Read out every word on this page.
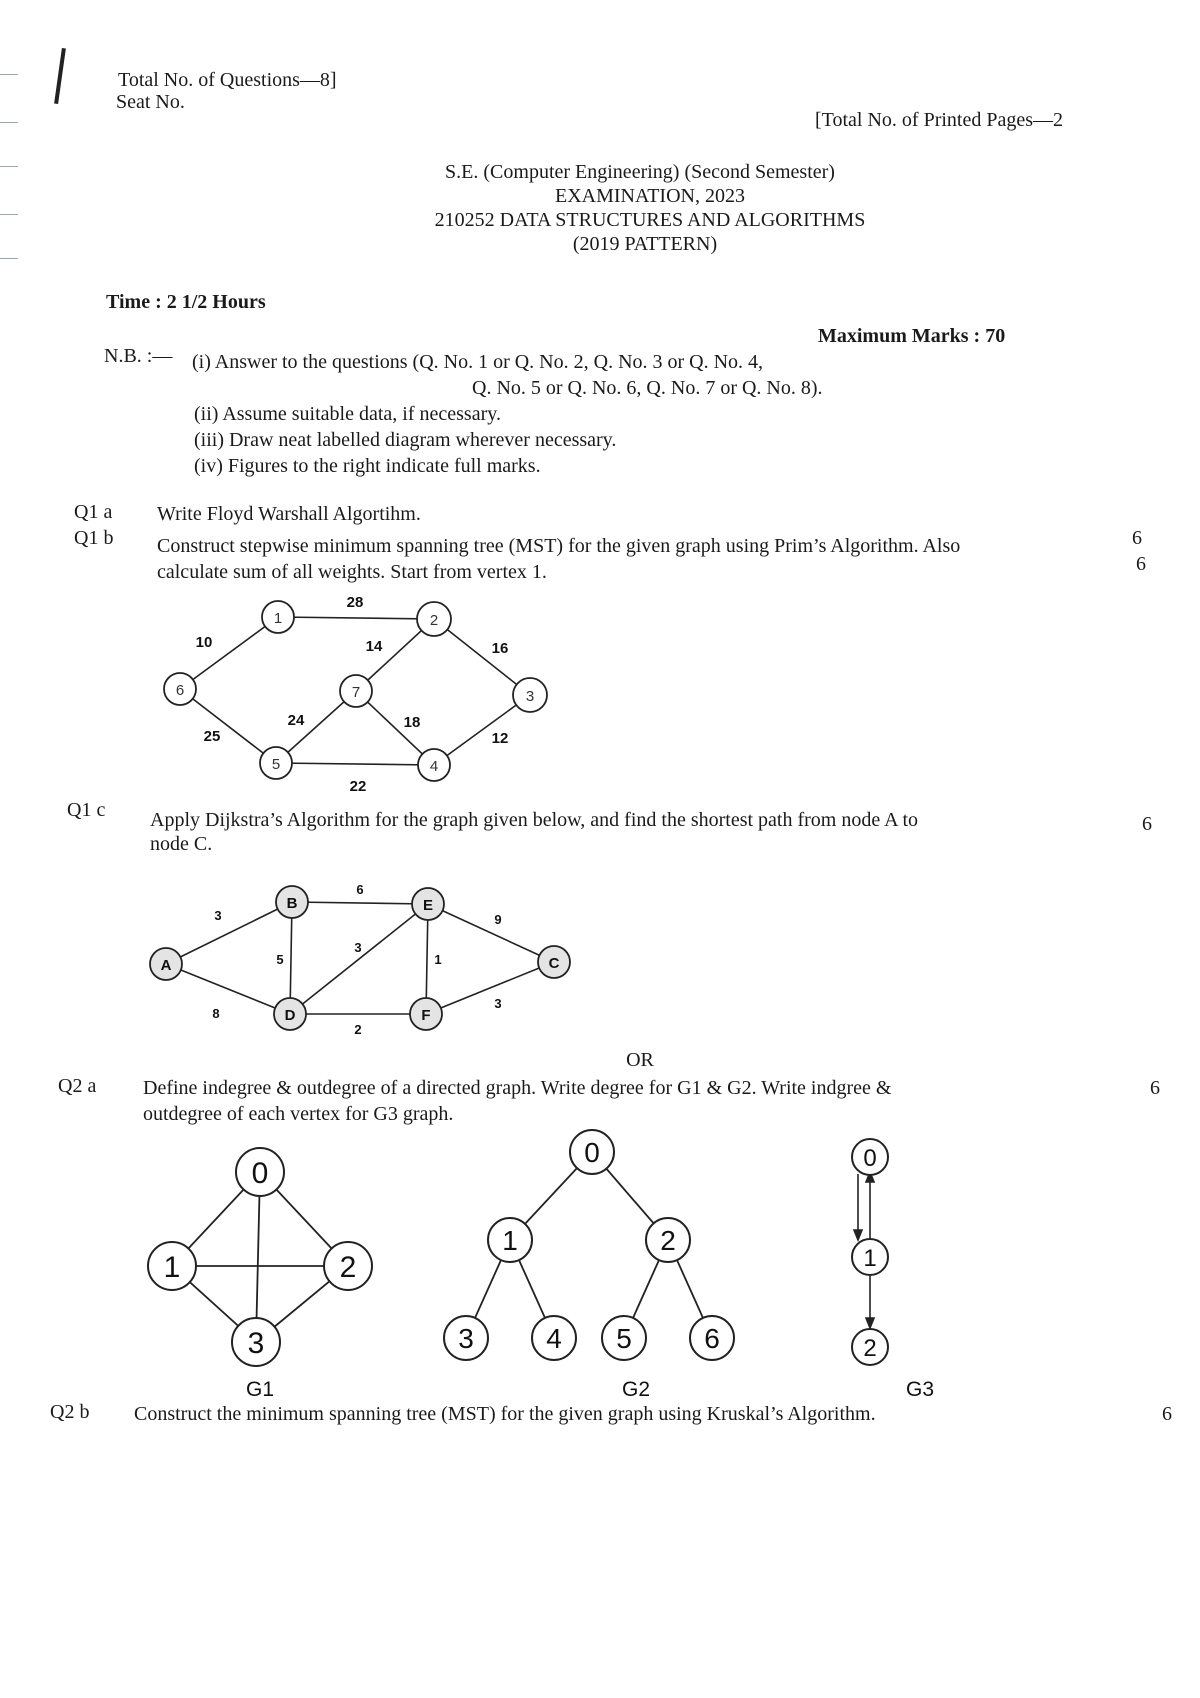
Total No. of Questions—8]
Seat No.
[Total No. of Printed Pages—2
S.E. (Computer Engineering) (Second Semester)
EXAMINATION, 2023
210252 DATA STRUCTURES AND ALGORITHMS
(2019 PATTERN)
Time : 2 1/2 Hours
Maximum Marks : 70
N.B. :— (i) Answer to the questions (Q. No. 1 or Q. No. 2, Q. No. 3 or Q. No. 4,
Q. No. 5 or Q. No. 6, Q. No. 7 or Q. No. 8).
(ii) Assume suitable data, if necessary.
(iii) Draw neat labelled diagram wherever necessary.
(iv) Figures to the right indicate full marks.
Q1 a Write Floyd Warshall Algortihm.
6
Q1 b Construct stepwise minimum spanning tree (MST) for the given graph using Prim’s Algorithm. Also
calculate sum of all weights. Start from vertex 1.	6
1	2
3
4
5
6	7
28
10	14	16
25
24	18
12
22
Q1 c Apply Dijkstra’s Algorithm for the graph given below, and find the shortest path from node A to
node C.
6
A
B
C
D
E
F
3
8
6
5
3
1
2
9
3
OR
Q2 a Define indegree & outdegree of a directed graph. Write degree for G1 & G2. Write indgree &
outdegree of each vertex for G3 graph.
6
0
1	2
3
G1
0
1	2
3	4 5	6
G2
0
1
2
G3
Q2 b Construct the minimum spanning tree (MST) for the given graph using Kruskal’s Algorithm.	6
